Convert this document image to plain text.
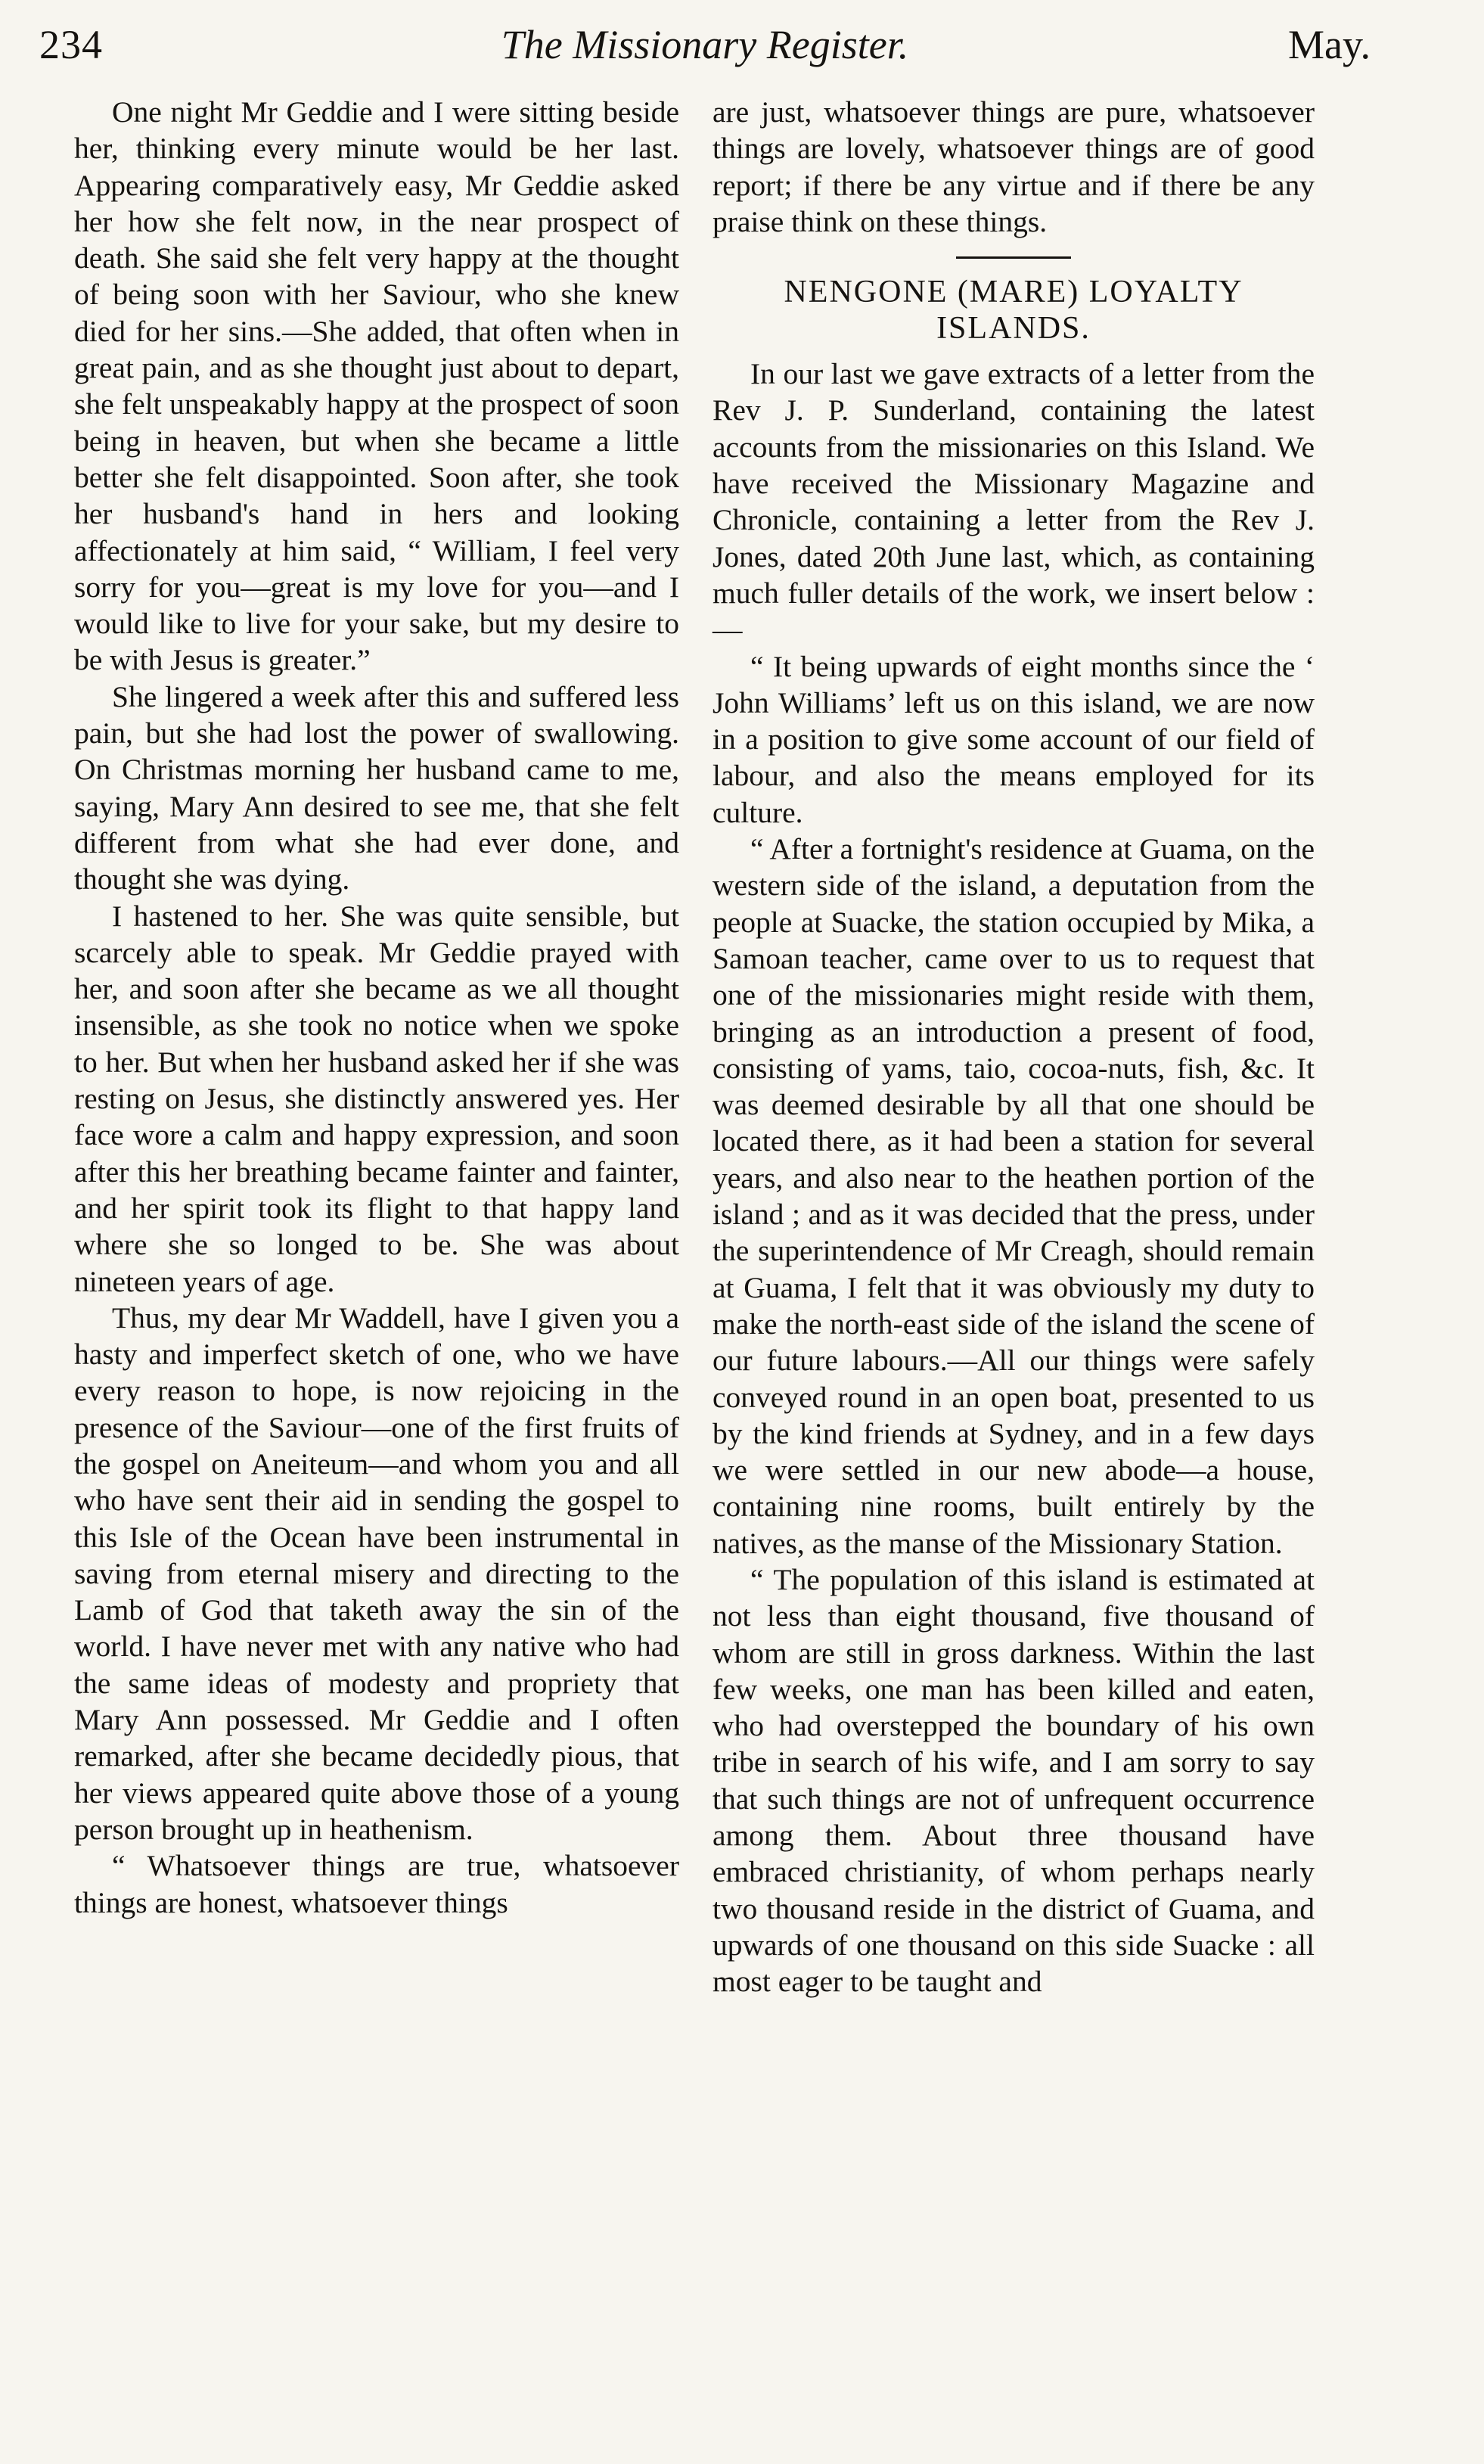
234	The Missionary Register.	May.

One night Mr Geddie and I were sitting beside her, thinking every minute would be her last. Appearing comparatively easy, Mr Geddie asked her how she felt now, in the near prospect of death. She said she felt very happy at the thought of being soon with her Saviour, who she knew died for her sins.—She added, that often when in great pain, and as she thought just about to depart, she felt unspeakably happy at the prospect of soon being in heaven, but when she became a little better she felt disappointed. Soon after, she took her husband's hand in hers and looking affectionately at him said, “ William, I feel very sorry for you—great is my love for you—and I would like to live for your sake, but my desire to be with Jesus is greater.”

She lingered a week after this and suffered less pain, but she had lost the power of swallowing. On Christmas morning her husband came to me, saying, Mary Ann desired to see me, that she felt different from what she had ever done, and thought she was dying.

I hastened to her. She was quite sensible, but scarcely able to speak. Mr Geddie prayed with her, and soon after she became as we all thought insensible, as she took no notice when we spoke to her. But when her husband asked her if she was resting on Jesus, she distinctly answered yes. Her face wore a calm and happy expression, and soon after this her breathing became fainter and fainter, and her spirit took its flight to that happy land where she so longed to be. She was about nineteen years of age.

Thus, my dear Mr Waddell, have I given you a hasty and imperfect sketch of one, who we have every reason to hope, is now rejoicing in the presence of the Saviour—one of the first fruits of the gospel on Aneiteum—and whom you and all who have sent their aid in sending the gospel to this Isle of the Ocean have been instrumental in saving from eternal misery and directing to the Lamb of God that taketh away the sin of the world. I have never met with any native who had the same ideas of modesty and propriety that Mary Ann possessed. Mr Geddie and I often remarked, after she became decidedly pious, that her views appeared quite above those of a young person brought up in heathenism.

“ Whatsoever things are true, whatsoever things are honest, whatsoever things

are just, whatsoever things are pure, whatsoever things are lovely, whatsoever things are of good report; if there be any virtue and if there be any praise think on these things.

NENGONE (MARE) LOYALTY ISLANDS.

In our last we gave extracts of a letter from the Rev J. P. Sunderland, containing the latest accounts from the missionaries on this Island. We have received the Missionary Magazine and Chronicle, containing a letter from the Rev J. Jones, dated 20th June last, which, as containing much fuller details of the work, we insert below :—

“ It being upwards of eight months since the ‘ John Williams’ left us on this island, we are now in a position to give some account of our field of labour, and also the means employed for its culture.

“ After a fortnight's residence at Guama, on the western side of the island, a deputation from the people at Suacke, the station occupied by Mika, a Samoan teacher, came over to us to request that one of the missionaries might reside with them, bringing as an introduction a present of food, consisting of yams, taio, cocoa-nuts, fish, &c. It was deemed desirable by all that one should be located there, as it had been a station for several years, and also near to the heathen portion of the island ; and as it was decided that the press, under the superintendence of Mr Creagh, should remain at Guama, I felt that it was obviously my duty to make the north-east side of the island the scene of our future labours.—All our things were safely conveyed round in an open boat, presented to us by the kind friends at Sydney, and in a few days we were settled in our new abode—a house, containing nine rooms, built entirely by the natives, as the manse of the Missionary Station.

“ The population of this island is estimated at not less than eight thousand, five thousand of whom are still in gross darkness. Within the last few weeks, one man has been killed and eaten, who had overstepped the boundary of his own tribe in search of his wife, and I am sorry to say that such things are not of unfrequent occurrence among them. About three thousand have embraced christianity, of whom perhaps nearly two thousand reside in the district of Guama, and upwards of one thousand on this side Suacke : all most eager to be taught and
